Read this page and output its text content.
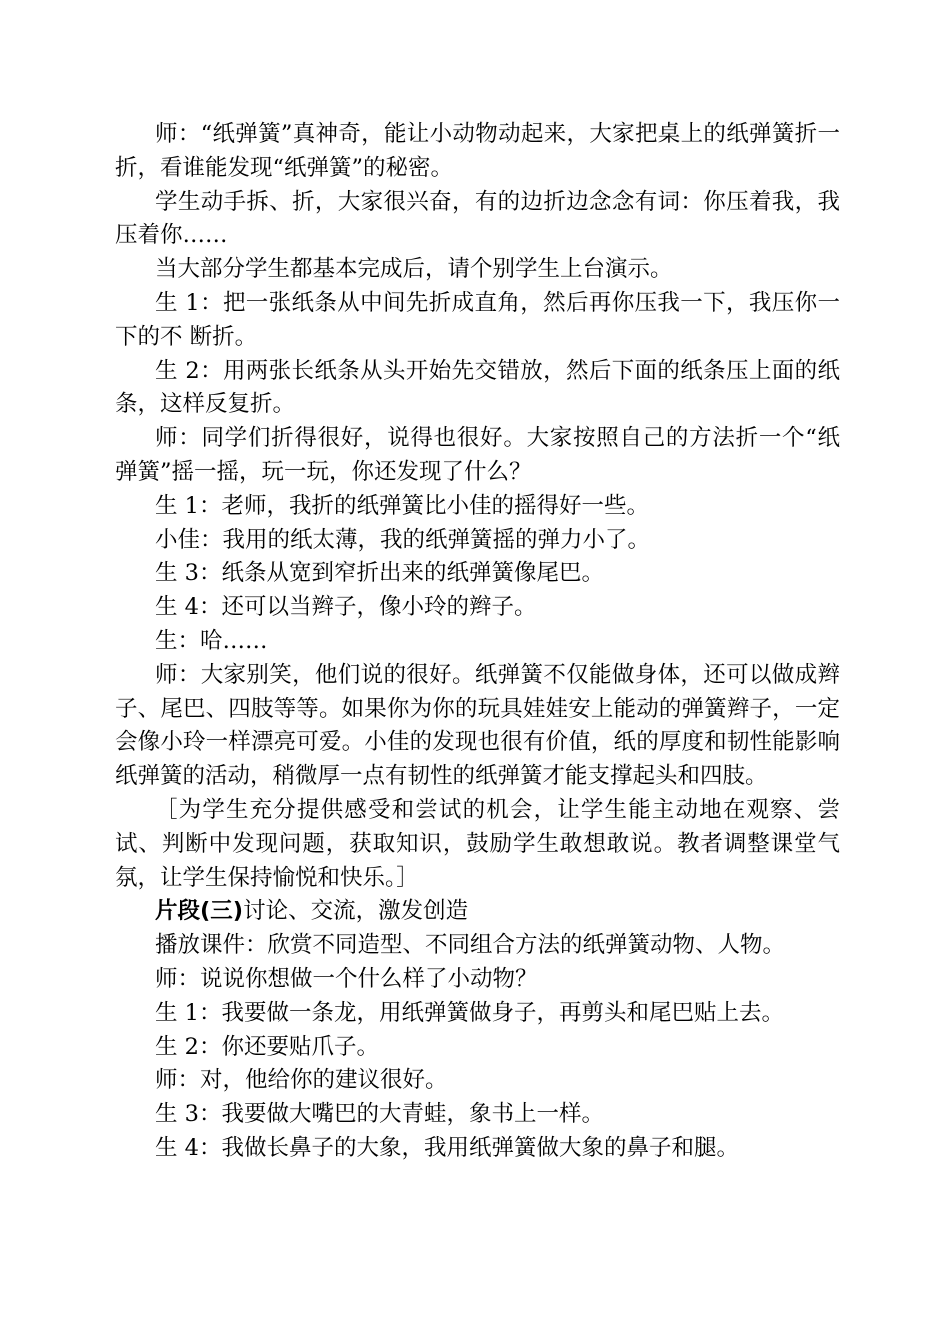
师：“纸弹簧”真神奇，能让小动物动起来，大家把桌上的纸弹簧折一折，看谁能发现“纸弹簧”的秘密。

学生动手拆、折，大家很兴奋，有的边折边念念有词：你压着我，我压着你……

当大部分学生都基本完成后，请个别学生上台演示。

生 1：把一张纸条从中间先折成直角，然后再你压我一下，我压你一下的不 断折。

生 2：用两张长纸条从头开始先交错放，然后下面的纸条压上面的纸条，这样反复折。

师：同学们折得很好，说得也很好。大家按照自己的方法折一个“纸弹簧”摇一摇，玩一玩，你还发现了什么？

生 1：老师，我折的纸弹簧比小佳的摇得好一些。

小佳：我用的纸太薄，我的纸弹簧摇的弹力小了。

生 3：纸条从宽到窄折出来的纸弹簧像尾巴。

生 4：还可以当辫子，像小玲的辫子。

生：哈……

师：大家别笑，他们说的很好。纸弹簧不仅能做身体，还可以做成辫子、尾巴、四肢等等。如果你为你的玩具娃娃安上能动的弹簧辫子，一定会像小玲一样漂亮可爱。小佳的发现也很有价值，纸的厚度和韧性能影响纸弹簧的活动，稍微厚一点有韧性的纸弹簧才能支撑起头和四肢。

［为学生充分提供感受和尝试的机会，让学生能主动地在观察、尝试、判断中发现问题，获取知识，鼓励学生敢想敢说。教者调整课堂气氛，让学生保持愉悦和快乐。］

片段(三)讨论、交流，激发创造

播放课件：欣赏不同造型、不同组合方法的纸弹簧动物、人物。

师：说说你想做一个什么样了小动物？

生 1：我要做一条龙，用纸弹簧做身子，再剪头和尾巴贴上去。

生 2：你还要贴爪子。

师：对，他给你的建议很好。

生 3：我要做大嘴巴的大青蛙，象书上一样。

生 4：我做长鼻子的大象，我用纸弹簧做大象的鼻子和腿。
